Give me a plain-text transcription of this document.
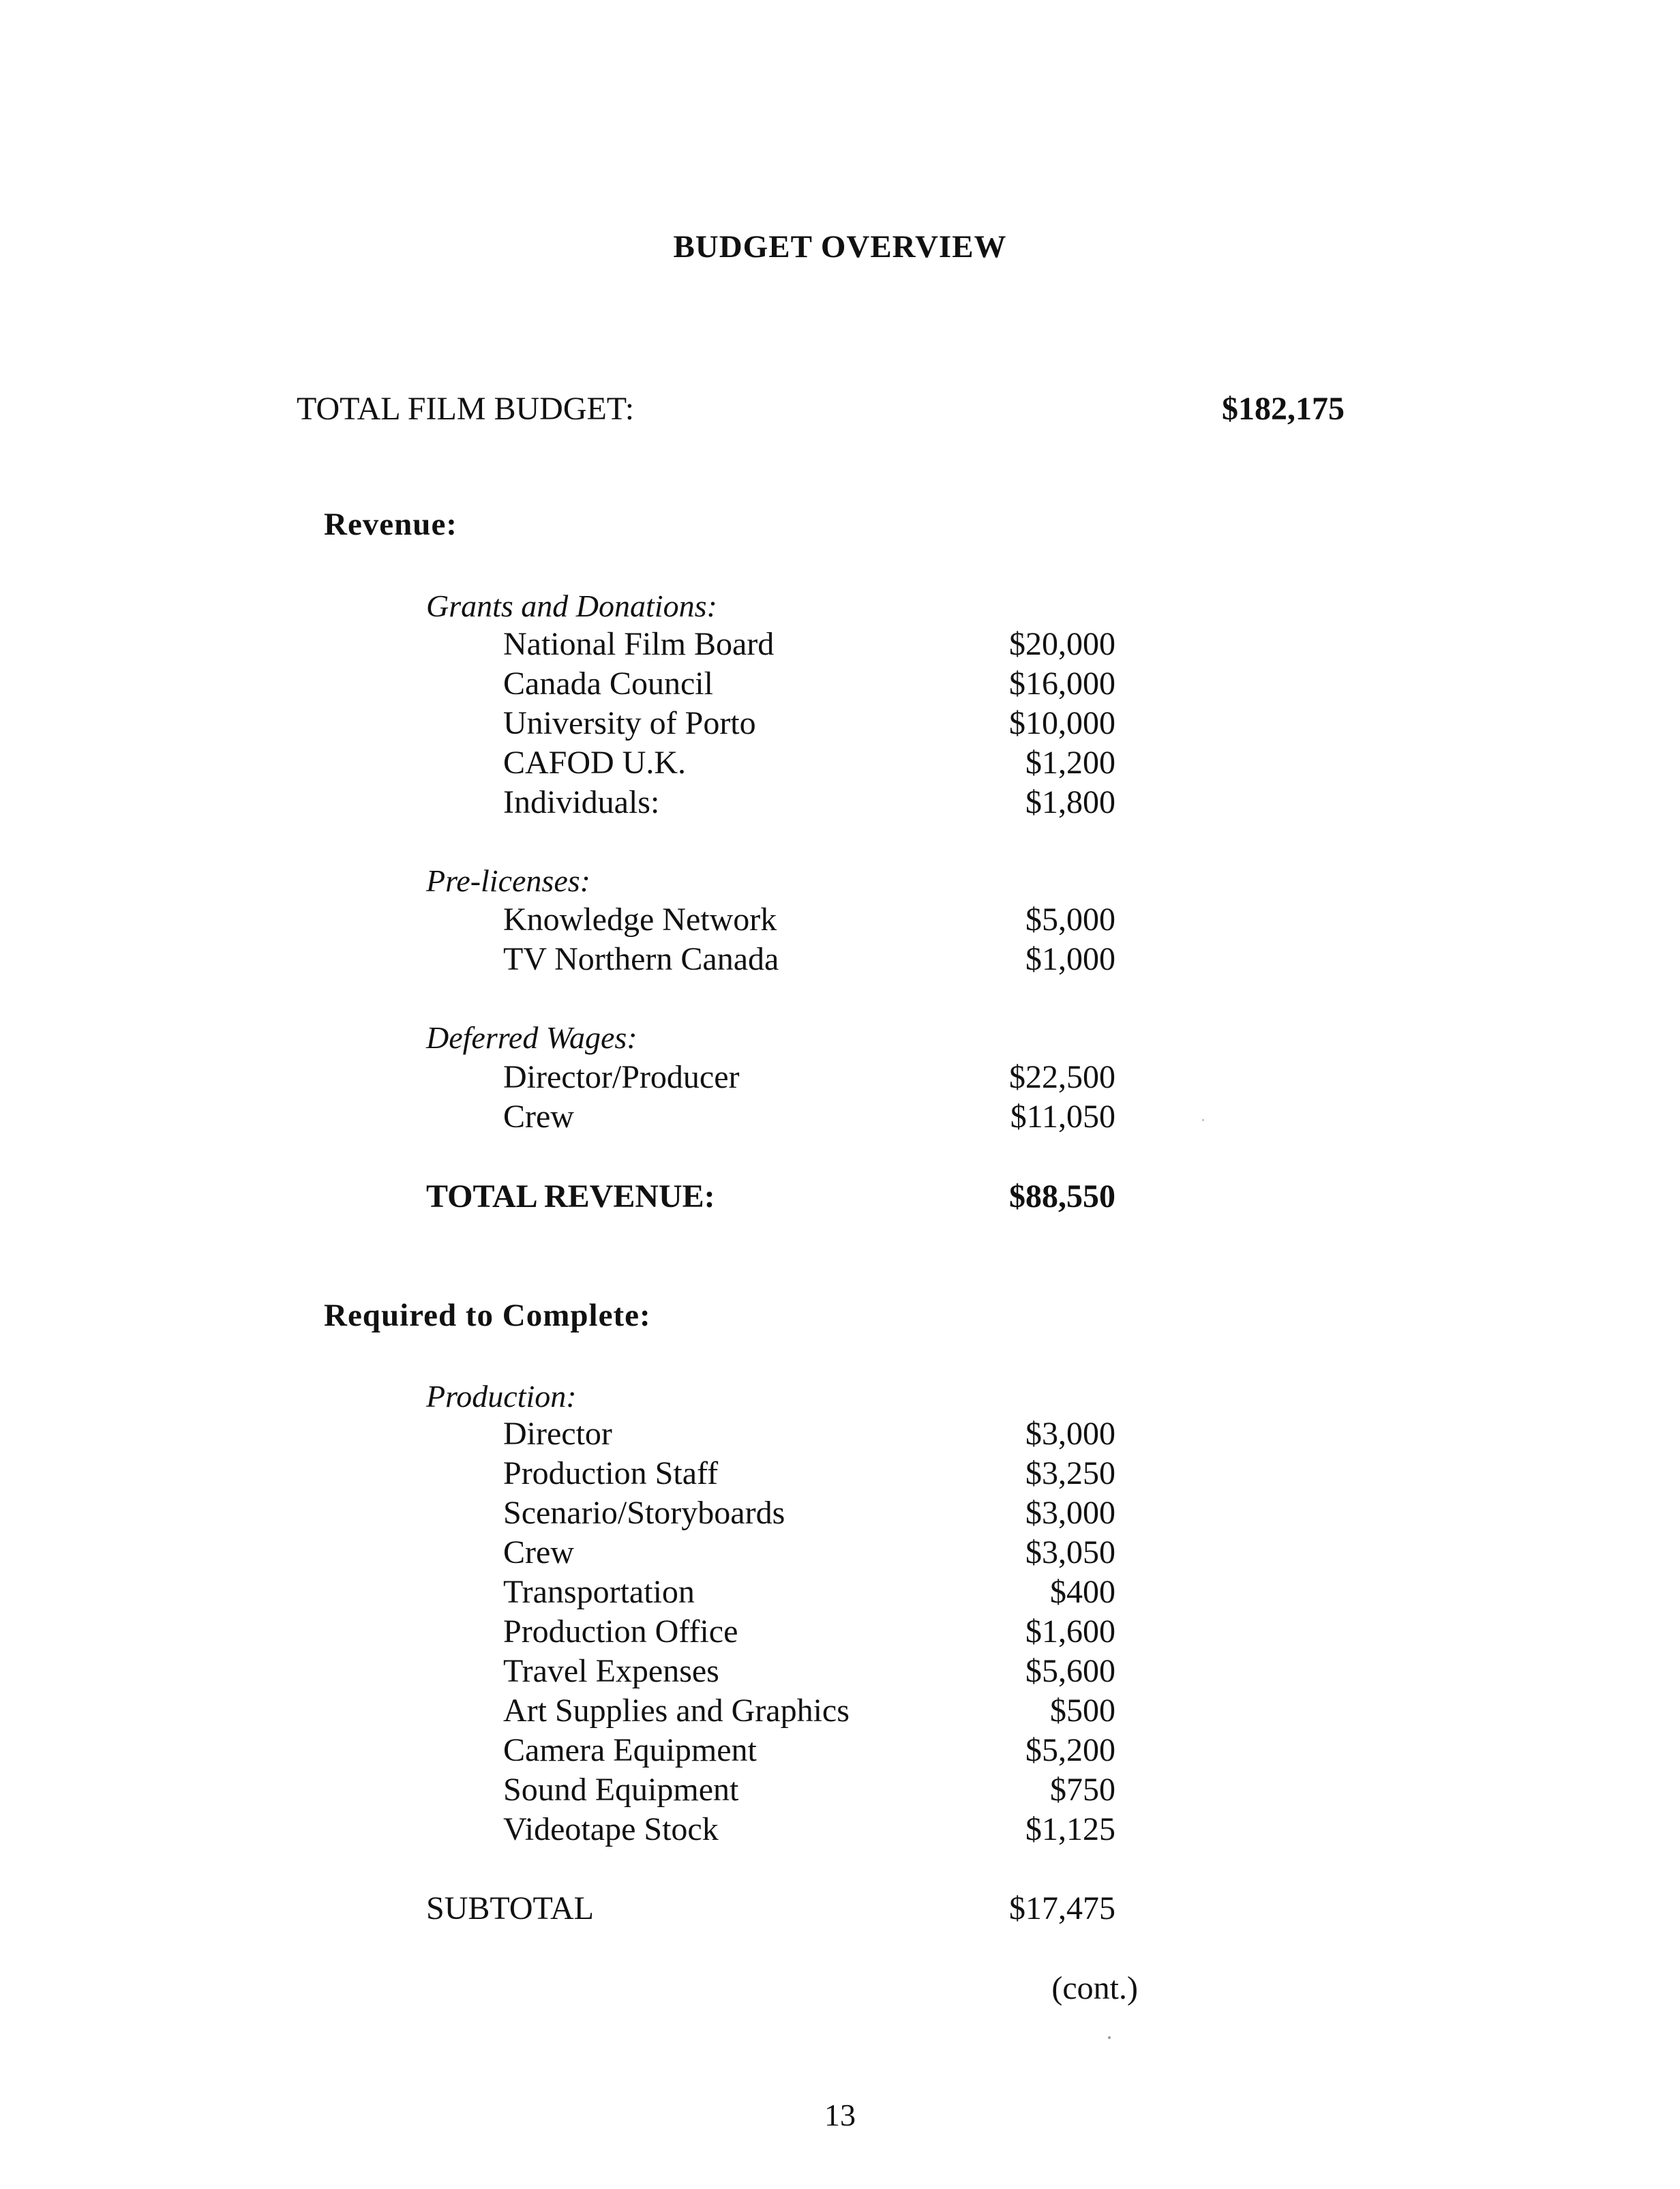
BUDGET OVERVIEW
TOTAL FILM BUDGET:	$182,175
Revenue:
Grants and Donations:
National Film Board	$20,000
Canada Council	$16,000
University of Porto	$10,000
CAFOD U.K.	$1,200
Individuals:	$1,800
Pre-licenses:
Knowledge Network	$5,000
TV Northern Canada	$1,000
Deferred Wages:
Director/Producer	$22,500
Crew	$11,050
TOTAL REVENUE:	$88,550
Required to Complete:
Production:
Director	$3,000
Production Staff	$3,250
Scenario/Storyboards	$3,000
Crew	$3,050
Transportation	$400
Production Office	$1,600
Travel Expenses	$5,600
Art Supplies and Graphics	$500
Camera Equipment	$5,200
Sound Equipment	$750
Videotape Stock	$1,125
SUBTOTAL	$17,475
(cont.)
13
